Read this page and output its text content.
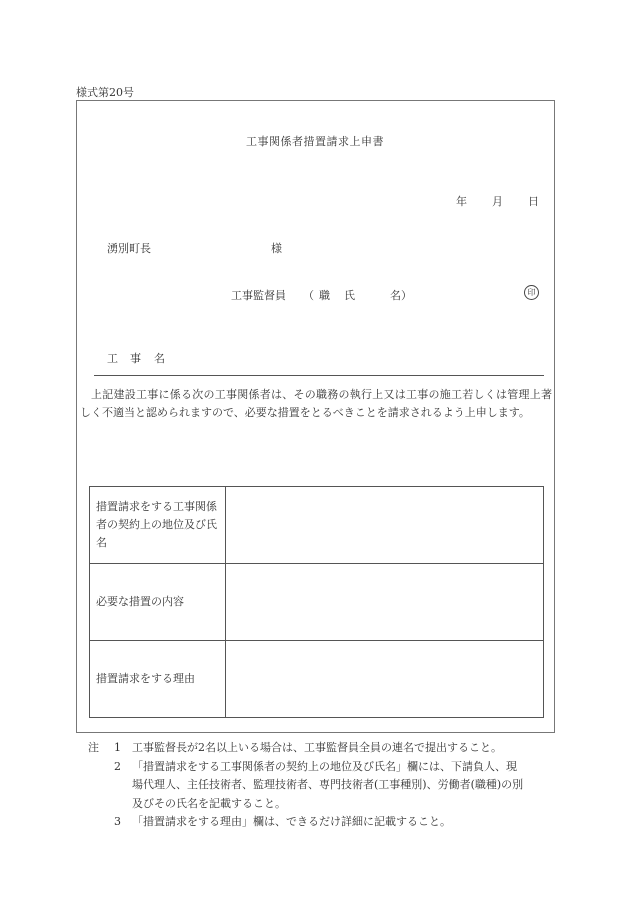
様式第20号
工事関係者措置請求上申書
年 月 日
湧別町長	様
工事監督員 （ 職 氏	名）	印
工 事 名
上記建設工事に係る次の工事関係者は、その職務の執行上又は工事の施工若しくは管理上著しく不適当と認められますので、必要な措置をとるべきことを請求されるよう上申します。
措置請求をする工事関係者の契約上の地位及び氏名	
必要な措置の内容	
措置請求をする理由	
注 1 工事監督長が2名以上いる場合は、工事監督員全員の連名で提出すること。
2 「措置請求をする工事関係者の契約上の地位及び氏名」欄には、下請負人、現
場代理人、主任技術者、監理技術者、専門技術者(工事種別)、労働者(職種)の別
及びその氏名を記載すること。
3 「措置請求をする理由」欄は、できるだけ詳細に記載すること。
